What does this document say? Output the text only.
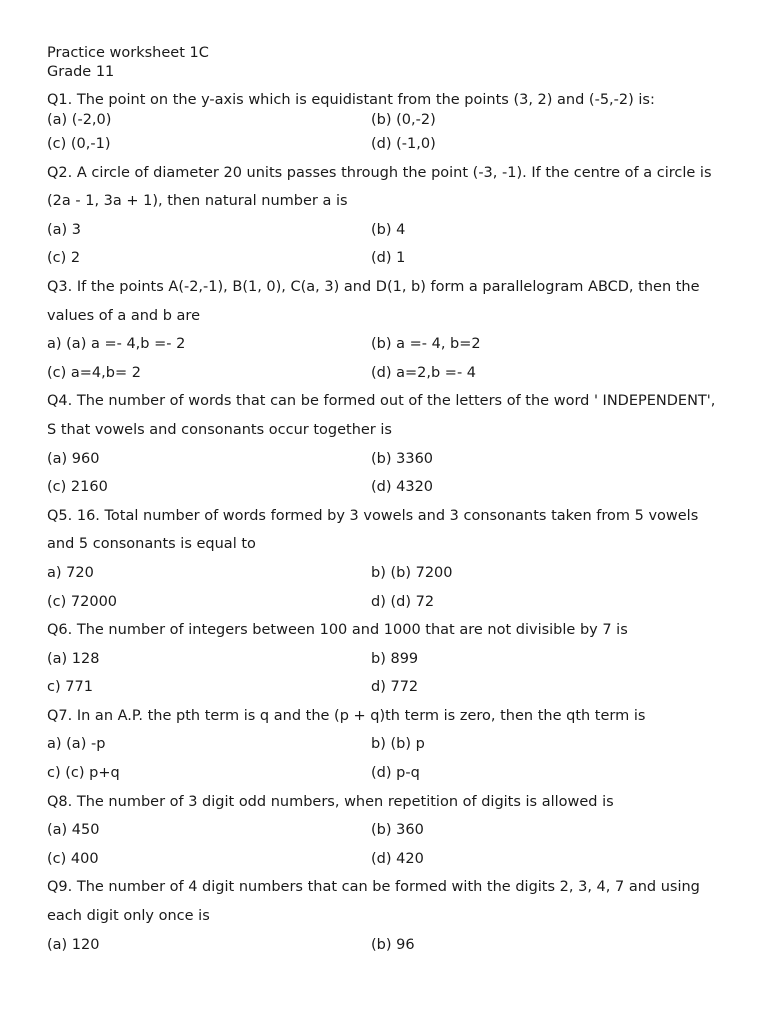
Practice worksheet 1C
Grade 11
Q1. The point on the y-axis which is equidistant from the points (3, 2) and (-5,-2) is:
(a) (-2,0)	(b) (0,-2)
(c) (0,-1)	(d) (-1,0)
Q2. A circle of diameter 20 units passes through the point (-3, -1). If the centre of a circle is (2a - 1, 3a + 1), then natural number a is
(a) 3	(b) 4
(c) 2	(d) 1
Q3. If the points A(-2,-1), B(1, 0), C(a, 3) and D(1, b) form a parallelogram ABCD, then the values of a and b are
a) (a) a =- 4,b =- 2	(b) a =- 4, b=2
(c) a=4,b= 2	(d) a=2,b =- 4
Q4. The number of words that can be formed out of the letters of the word ' INDEPENDENT', S that vowels and consonants occur together is
(a) 960	(b) 3360
(c) 2160	(d) 4320
Q5. 16. Total number of words formed by 3 vowels and 3 consonants taken from 5 vowels and 5 consonants is equal to
a) 720	b) (b) 7200
(c) 72000	d) (d) 72
Q6. The number of integers between 100 and 1000 that are not divisible by 7 is
(a) 128	b) 899
c) 771	d) 772
Q7. In an A.P. the pth term is q and the (p + q)th term is zero, then the qth term is
a) (a) -p	b) (b) p
c) (c) p+q	(d) p-q
Q8. The number of 3 digit odd numbers, when repetition of digits is allowed is
(a) 450	(b) 360
(c) 400	(d) 420
Q9. The number of 4 digit numbers that can be formed with the digits 2, 3, 4, 7 and using each digit only once is
(a) 120	(b) 96
